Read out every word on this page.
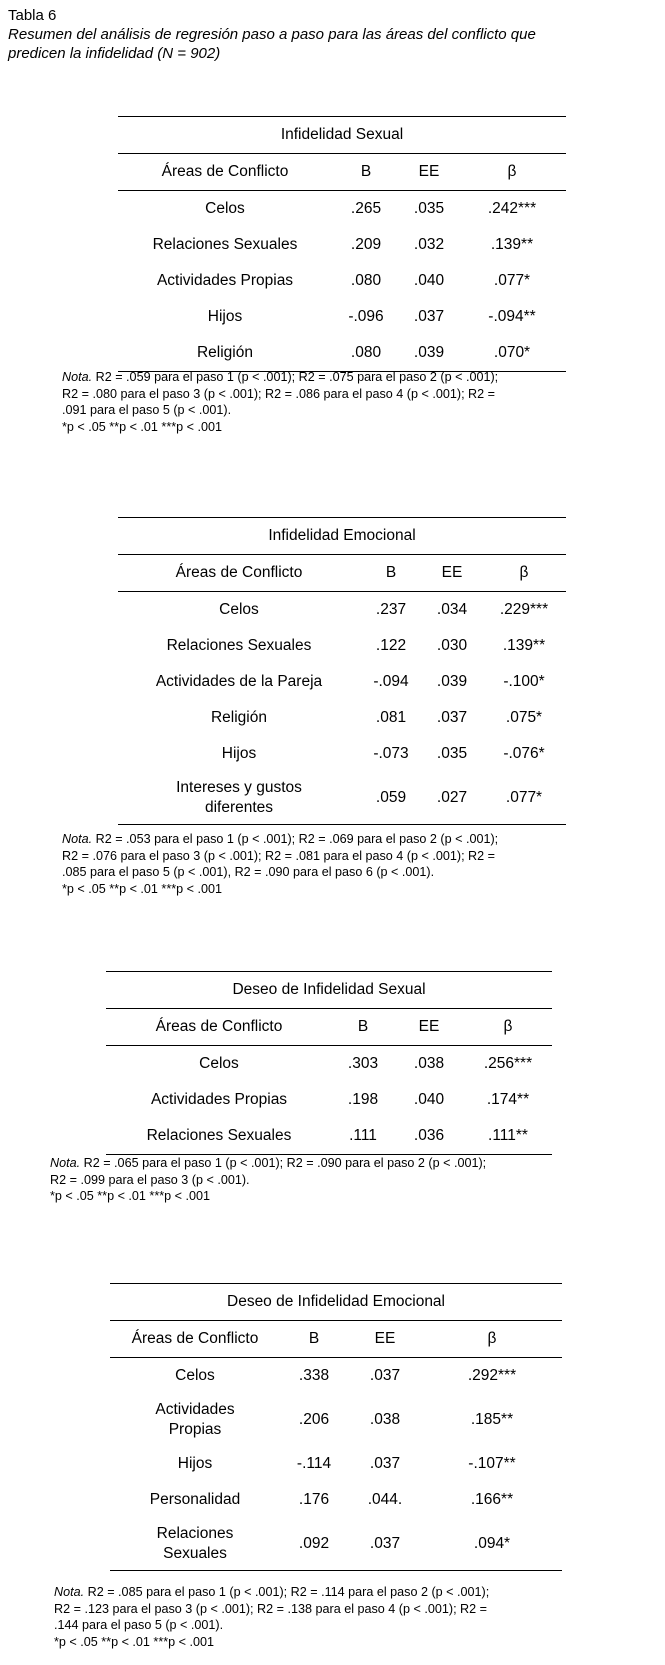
Tabla 6
Resumen del análisis de regresión paso a paso para las áreas del conflicto que
predicen la infidelidad (N = 902)
Infidelidad Sexual			
Áreas de Conflicto	B	EE	β
Celos	.265	.035	.242***
Relaciones Sexuales	.209	.032	.139**
Actividades Propias	.080	.040	.077*
Hijos	-.096	.037	-.094**
Religión	.080	.039	.070*
Nota. R2 = .059 para el paso 1 (p < .001); R2 = .075 para el paso 2 (p < .001);
R2 = .080 para el paso 3 (p < .001); R2 = .086 para el paso 4 (p < .001); R2 =
.091 para el paso 5 (p < .001).
*p < .05 **p < .01 ***p < .001
Infidelidad Emocional			
Áreas de Conflicto	B	EE	β
Celos	.237	.034	.229***
Relaciones Sexuales	.122	.030	.139**
Actividades de la Pareja	-.094	.039	-.100*
Religión	.081	.037	.075*
Hijos	-.073	.035	-.076*
Intereses y gustos diferentes	.059	.027	.077*
Nota. R2 = .053 para el paso 1 (p < .001); R2 = .069 para el paso 2 (p < .001);
R2 = .076 para el paso 3 (p < .001); R2 = .081 para el paso 4 (p < .001); R2 =
.085 para el paso 5 (p < .001), R2 = .090 para el paso 6 (p < .001).
*p < .05 **p < .01 ***p < .001
Deseo de Infidelidad Sexual			
Áreas de Conflicto	B	EE	β
Celos	.303	.038	.256***
Actividades Propias	.198	.040	.174**
Relaciones Sexuales	.111	.036	.111**
Nota. R2 = .065 para el paso 1 (p < .001); R2 = .090 para el paso 2 (p < .001);
R2 = .099 para el paso 3 (p < .001).
*p < .05 **p < .01 ***p < .001
Deseo de Infidelidad Emocional			
Áreas de Conflicto	B	EE	β
Celos	.338	.037	.292***
Actividades Propias	.206	.038	.185**
Hijos	-.114	.037	-.107**
Personalidad	.176	.044.	.166**
Relaciones Sexuales	.092	.037	.094*
Nota. R2 = .085 para el paso 1 (p < .001); R2 = .114 para el paso 2 (p < .001);
R2 = .123 para el paso 3 (p < .001); R2 = .138 para el paso 4 (p < .001); R2 =
.144 para el paso 5 (p < .001).
*p < .05 **p < .01 ***p < .001
